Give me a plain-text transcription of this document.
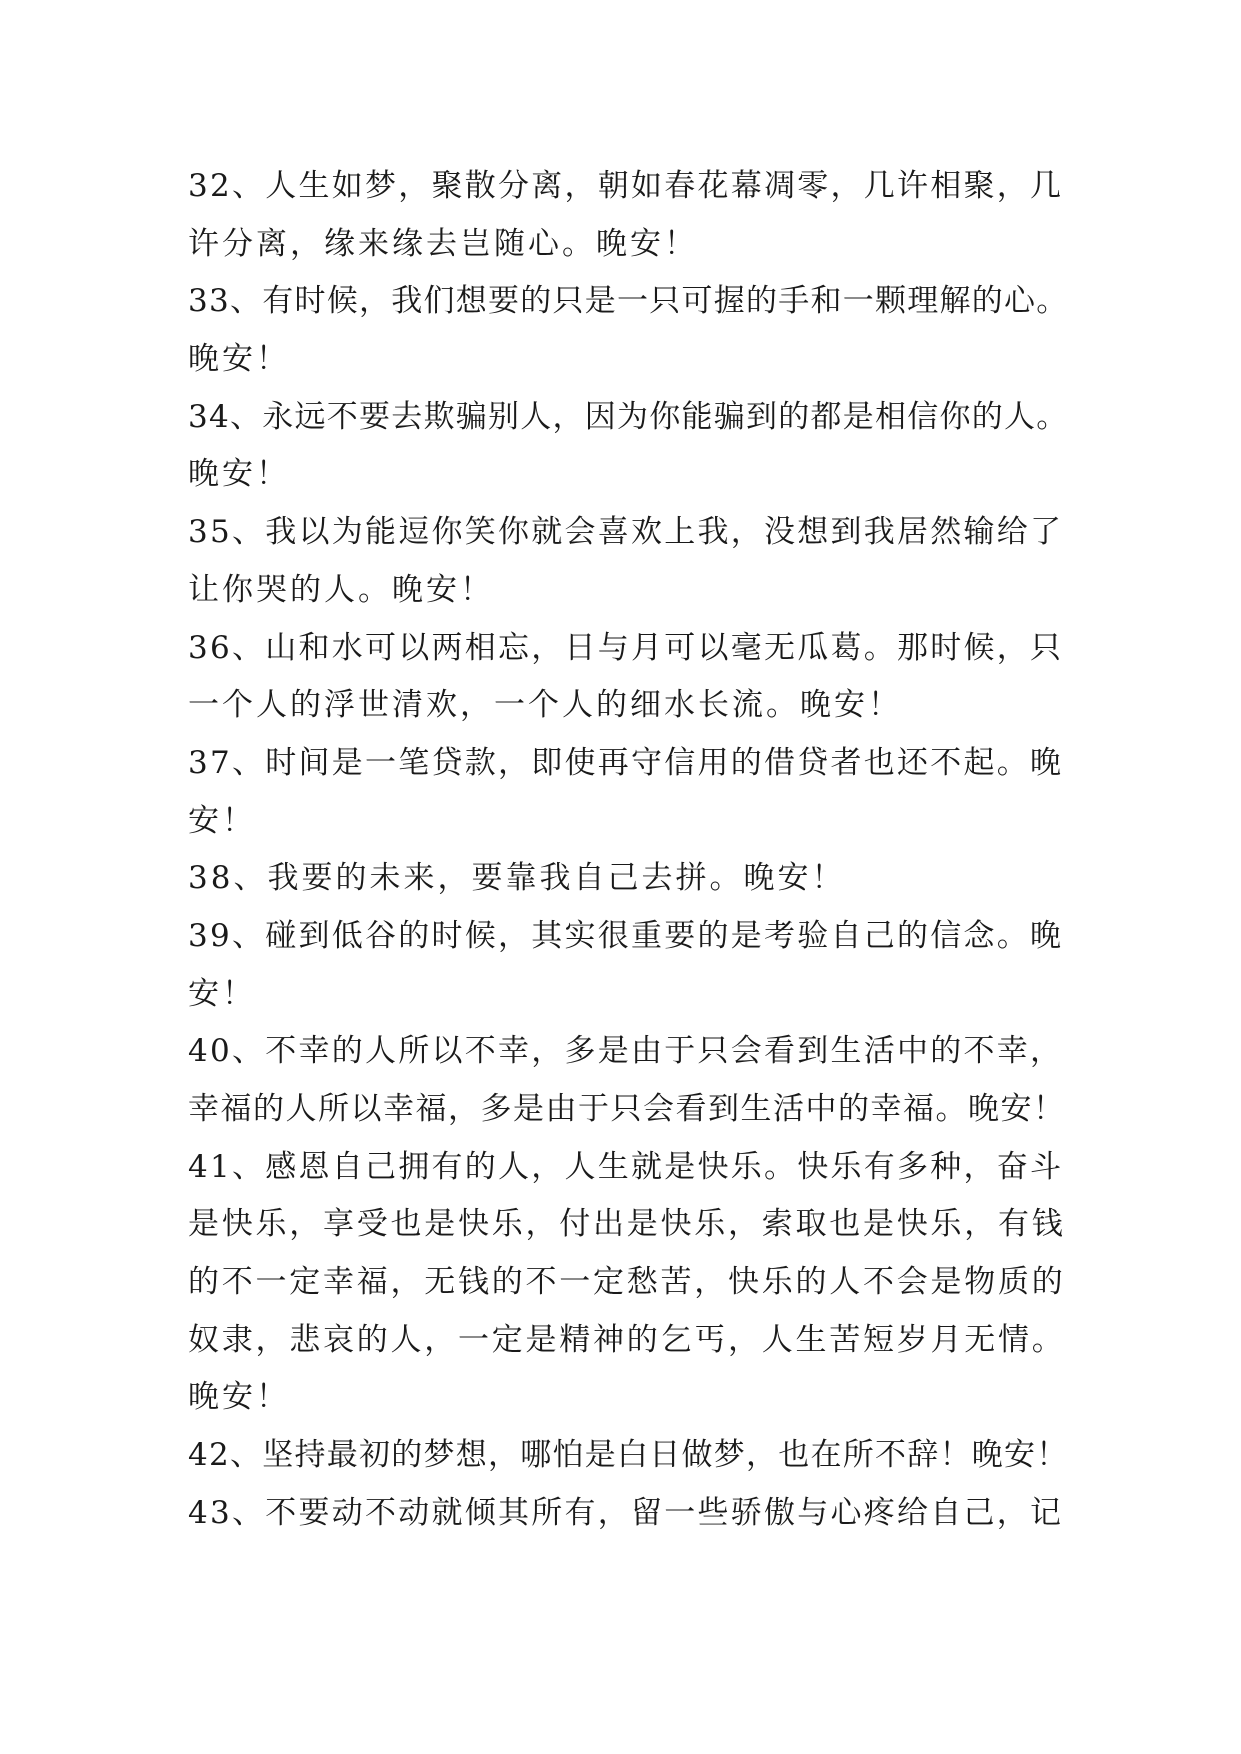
32、人生如梦，聚散分离，朝如春花幕凋零，几许相聚，几
许分离，缘来缘去岂随心。晚安！
33、有时候，我们想要的只是一只可握的手和一颗理解的心。
晚安！
34、永远不要去欺骗别人，因为你能骗到的都是相信你的人。
晚安！
35、我以为能逗你笑你就会喜欢上我，没想到我居然输给了
让你哭的人。晚安！
36、山和水可以两相忘，日与月可以毫无瓜葛。那时候，只
一个人的浮世清欢，一个人的细水长流。晚安！
37、时间是一笔贷款，即使再守信用的借贷者也还不起。晚
安！
38、我要的未来，要靠我自己去拼。晚安！
39、碰到低谷的时候，其实很重要的是考验自己的信念。晚
安！
40、不幸的人所以不幸，多是由于只会看到生活中的不幸，
幸福的人所以幸福，多是由于只会看到生活中的幸福。晚安！
41、感恩自己拥有的人，人生就是快乐。快乐有多种，奋斗
是快乐，享受也是快乐，付出是快乐，索取也是快乐，有钱
的不一定幸福，无钱的不一定愁苦，快乐的人不会是物质的
奴隶，悲哀的人，一定是精神的乞丐，人生苦短岁月无情。
晚安！
42、坚持最初的梦想，哪怕是白日做梦，也在所不辞！晚安！
43、不要动不动就倾其所有，留一些骄傲与心疼给自己，记
